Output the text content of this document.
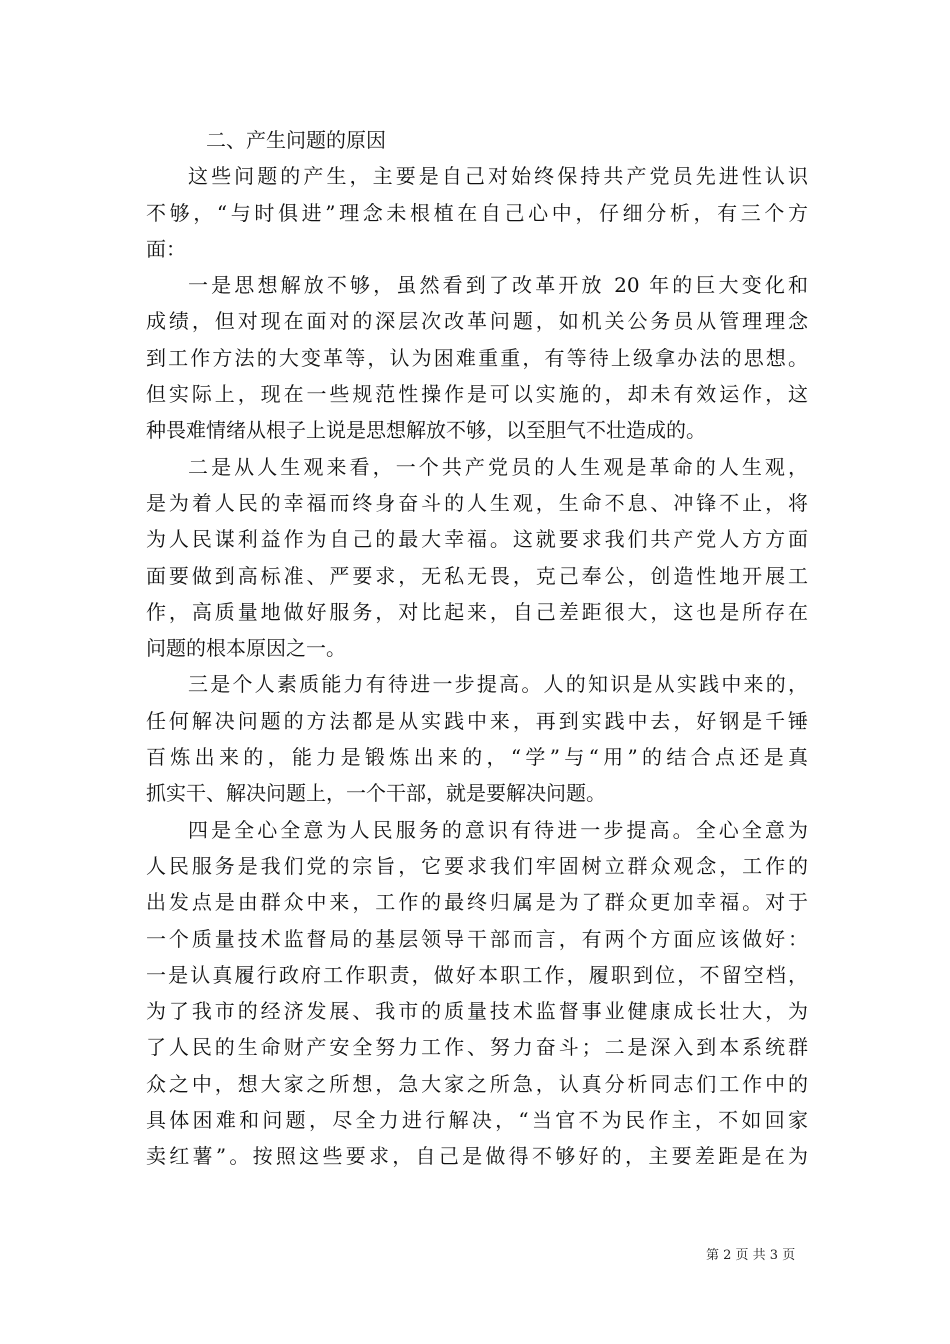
二、产生问题的原因
这些问题的产生，主要是自己对始终保持共产党员先进性认识
不够，“与时俱进”理念未根植在自己心中，仔细分析，有三个方
面：
一是思想解放不够，虽然看到了改革开放 20 年的巨大变化和
成绩，但对现在面对的深层次改革问题，如机关公务员从管理理念
到工作方法的大变革等，认为困难重重，有等待上级拿办法的思想。
但实际上，现在一些规范性操作是可以实施的，却未有效运作，这
种畏难情绪从根子上说是思想解放不够，以至胆气不壮造成的。
二是从人生观来看，一个共产党员的人生观是革命的人生观，
是为着人民的幸福而终身奋斗的人生观，生命不息、冲锋不止，将
为人民谋利益作为自己的最大幸福。这就要求我们共产党人方方面
面要做到高标准、严要求，无私无畏，克己奉公，创造性地开展工
作，高质量地做好服务，对比起来，自己差距很大，这也是所存在
问题的根本原因之一。
三是个人素质能力有待进一步提高。人的知识是从实践中来的，
任何解决问题的方法都是从实践中来，再到实践中去，好钢是千锤
百炼出来的，能力是锻炼出来的，“学”与“用”的结合点还是真
抓实干、解决问题上，一个干部，就是要解决问题。
四是全心全意为人民服务的意识有待进一步提高。全心全意为
人民服务是我们党的宗旨，它要求我们牢固树立群众观念，工作的
出发点是由群众中来，工作的最终归属是为了群众更加幸福。对于
一个质量技术监督局的基层领导干部而言，有两个方面应该做好：
一是认真履行政府工作职责，做好本职工作，履职到位，不留空档，
为了我市的经济发展、我市的质量技术监督事业健康成长壮大，为
了人民的生命财产安全努力工作、努力奋斗；二是深入到本系统群
众之中，想大家之所想，急大家之所急，认真分析同志们工作中的
具体困难和问题，尽全力进行解决，“当官不为民作主，不如回家
卖红薯”。按照这些要求，自己是做得不够好的，主要差距是在为
第 2 页 共 3 页
